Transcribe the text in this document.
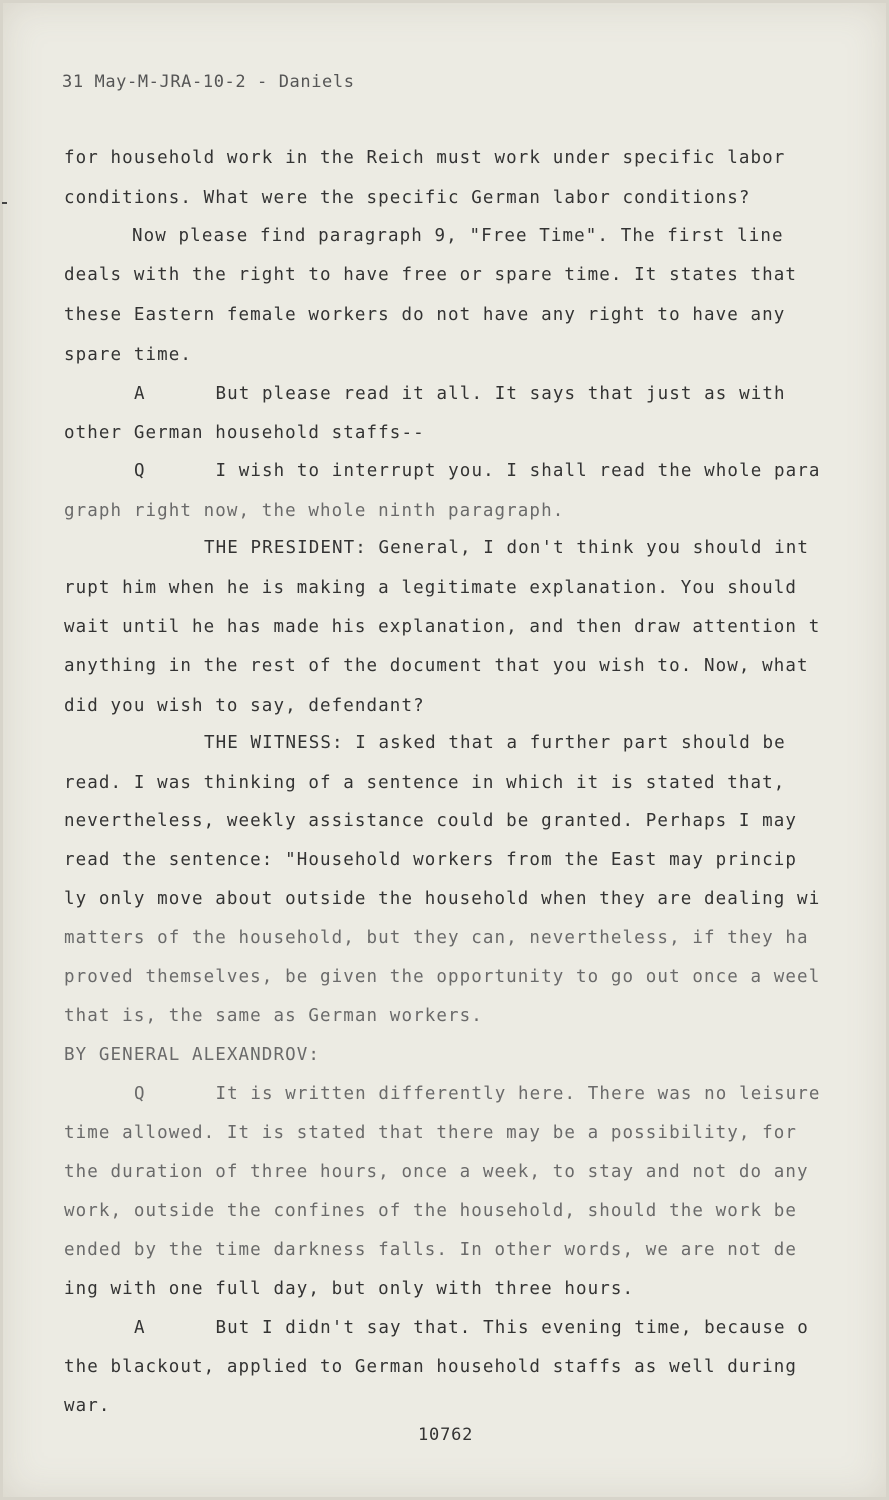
31 May-M-JRA-10-2 - Daniels
for household work in the Reich must work under specific labor
conditions. What were the specific German labor conditions?
Now please find paragraph 9, "Free Time". The first line
deals with the right to have free or spare time. It states that
these Eastern female workers do not have any right to have any
spare time.
A      But please read it all. It says that just as with
other German household staffs--
Q      I wish to interrupt you. I shall read the whole para
graph right now, the whole ninth paragraph.
THE PRESIDENT: General, I don't think you should int
rupt him when he is making a legitimate explanation. You should
wait until he has made his explanation, and then draw attention t
anything in the rest of the document that you wish to. Now, what
did you wish to say, defendant?
THE WITNESS: I asked that a further part should be
read. I was thinking of a sentence in which it is stated that,
nevertheless, weekly assistance could be granted. Perhaps I may
read the sentence: "Household workers from the East may princip
ly only move about outside the household when they are dealing wi
matters of the household, but they can, nevertheless, if they ha
proved themselves, be given the opportunity to go out once a weel
that is, the same as German workers.
BY GENERAL ALEXANDROV:
Q      It is written differently here. There was no leisure
time allowed. It is stated that there may be a possibility, for
the duration of three hours, once a week, to stay and not do any
work, outside the confines of the household, should the work be
ended by the time darkness falls. In other words, we are not de
ing with one full day, but only with three hours.
A      But I didn't say that. This evening time, because o
the blackout, applied to German household staffs as well during
war.
10762
